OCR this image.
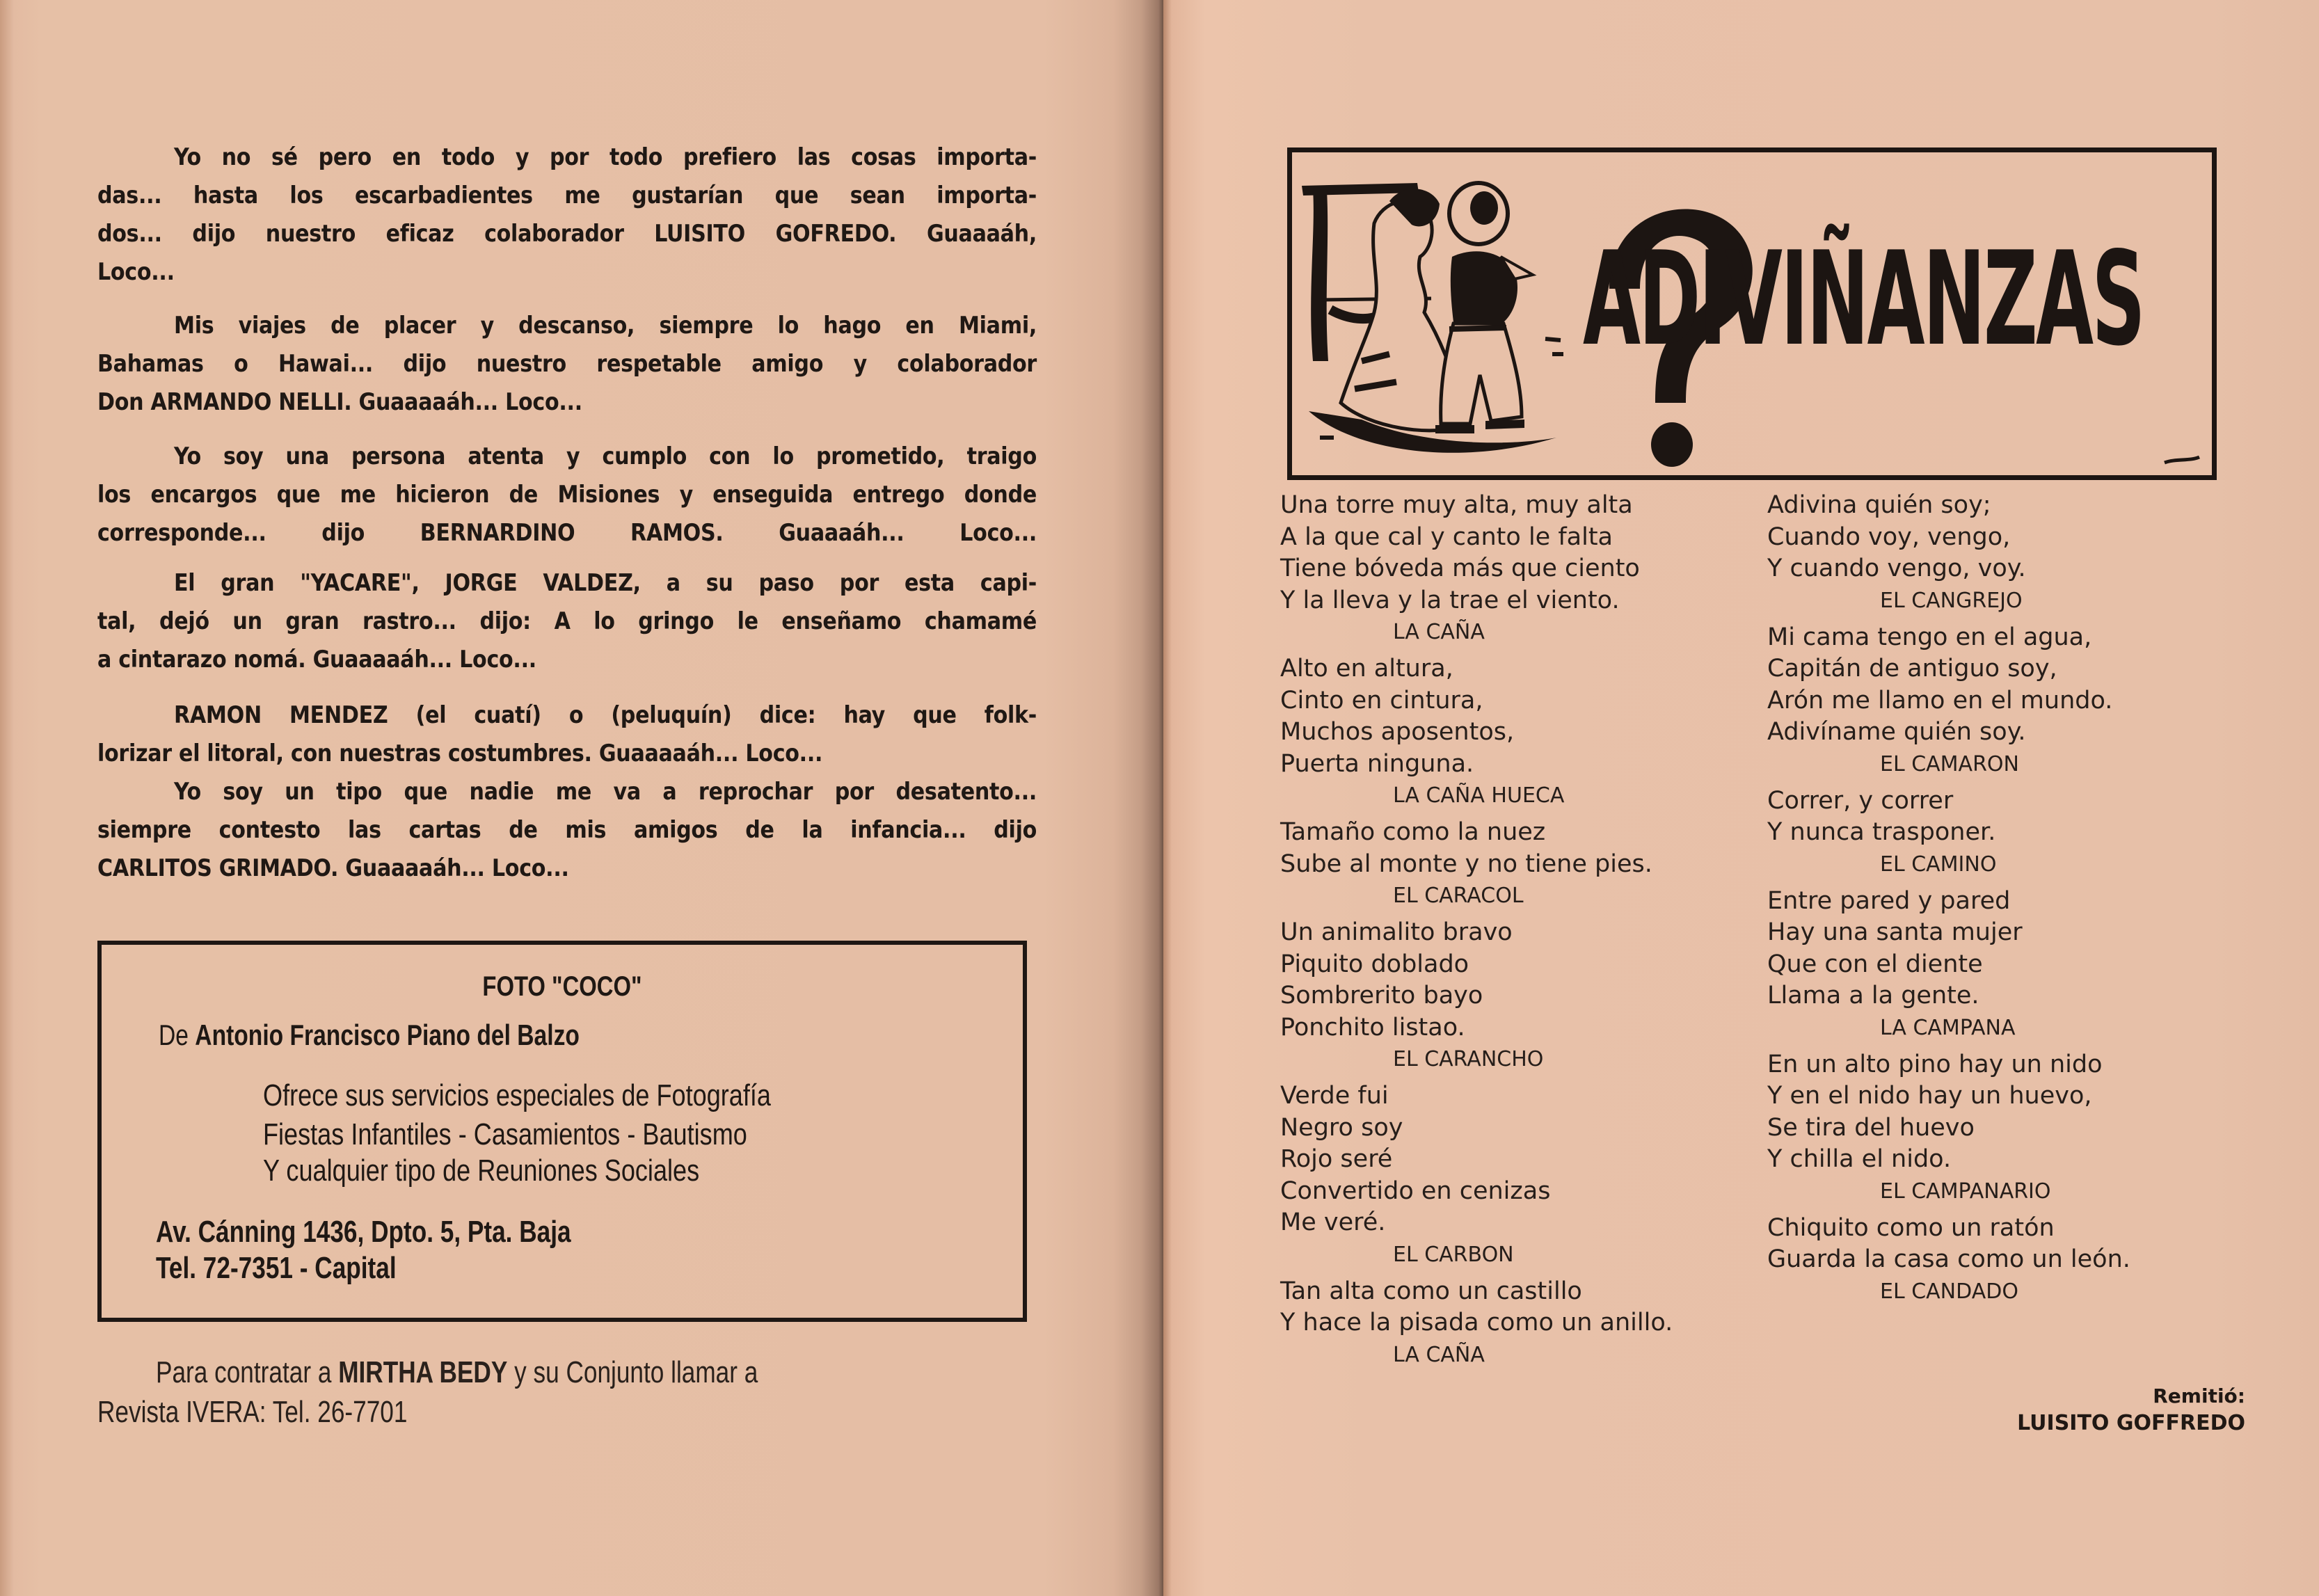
Yo no sé pero en todo y por todo prefiero las cosas importa-
das... hasta los escarbadientes me gustarían que sean importa-
dos... dijo nuestro eficaz colaborador LUISITO GOFREDO. Guaaaáh,
Loco...
Mis viajes de placer y descanso, siempre lo hago en Miami,
Bahamas o Hawai... dijo nuestro respetable amigo y colaborador
Don ARMANDO NELLI. Guaaaaáh... Loco...
Yo soy una persona atenta y cumplo con lo prometido, traigo
los encargos que me hicieron de Misiones y enseguida entrego donde
corresponde... dijo BERNARDINO RAMOS. Guaaaáh... Loco...
El gran "YACARE", JORGE VALDEZ, a su paso por esta capi-
tal, dejó un gran rastro... dijo: A lo gringo le enseñamo chamamé
a cintarazo nomá. Guaaaaáh... Loco...
RAMON MENDEZ (el cuatí) o (peluquín) dice: hay que folk-
lorizar el litoral, con nuestras costumbres. Guaaaaáh... Loco...
Yo soy un tipo que nadie me va a reprochar por desatento...
siempre contesto las cartas de mis amigos de la infancia... dijo
CARLITOS GRIMADO. Guaaaaáh... Loco...
FOTO "COCO"
De Antonio Francisco Piano del Balzo
Ofrece sus servicios especiales de Fotografía
Fiestas Infantiles - Casamientos - Bautismo
Y cualquier tipo de Reuniones Sociales
Av. Cánning 1436, Dpto. 5, Pta. Baja
Tel. 72-7351 - Capital
Para contratar a MIRTHA BEDY y su Conjunto llamar a
Revista IVERA: Tel. 26-7701
ADIVIÑANZAS
Una torre muy alta, muy alta
A la que cal y canto le falta
Tiene bóveda más que ciento
Y la lleva y la trae el viento.
LA CAÑA
Alto en altura,
Cinto en cintura,
Muchos aposentos,
Puerta ninguna.
LA CAÑA HUECA
Tamaño como la nuez
Sube al monte y no tiene pies.
EL CARACOL
Un animalito bravo
Piquito doblado
Sombrerito bayo
Ponchito listao.
EL CARANCHO
Verde fui
Negro soy
Rojo seré
Convertido en cenizas
Me veré.
EL CARBON
Tan alta como un castillo
Y hace la pisada como un anillo.
LA CAÑA
Adivina quién soy;
Cuando voy, vengo,
Y cuando vengo, voy.
EL CANGREJO
Mi cama tengo en el agua,
Capitán de antiguo soy,
Arón me llamo en el mundo.
Adivíname quién soy.
EL CAMARON
Correr, y correr
Y nunca trasponer.
EL CAMINO
Entre pared y pared
Hay una santa mujer
Que con el diente
Llama a la gente.
LA CAMPANA
En un alto pino hay un nido
Y en el nido hay un huevo,
Se tira del huevo
Y chilla el nido.
EL CAMPANARIO
Chiquito como un ratón
Guarda la casa como un león.
EL CANDADO
Remitió:
LUISITO GOFFREDO
